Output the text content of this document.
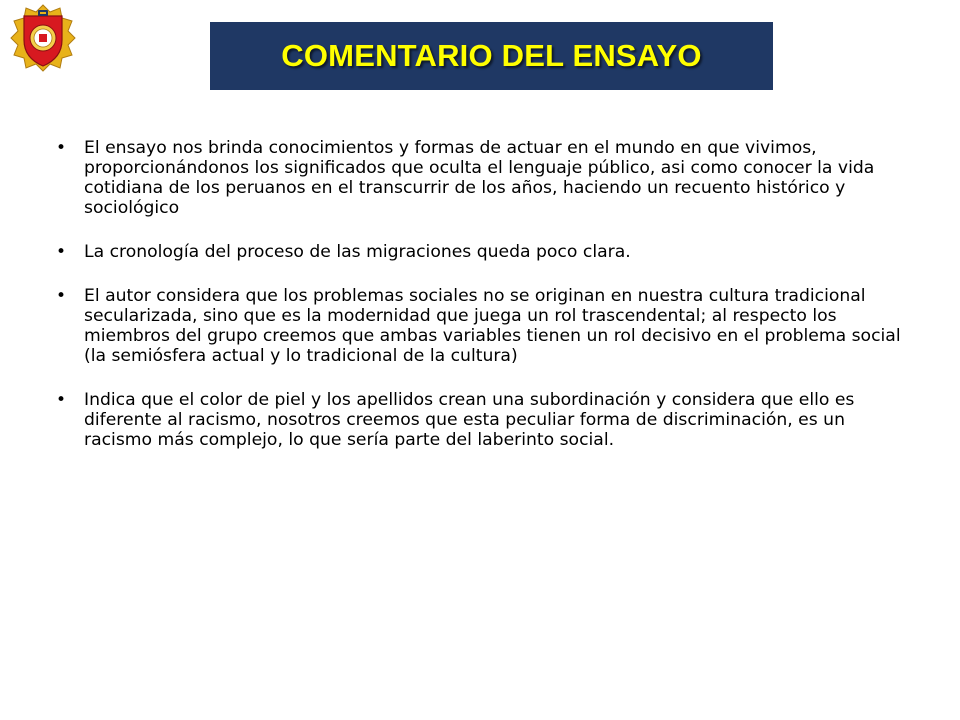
COMENTARIO DEL ENSAYO
• El ensayo nos brinda conocimientos y formas de actuar en el mundo en que vivimos, proporcionándonos los significados que oculta el lenguaje público, asi como conocer la vida cotidiana de los peruanos en el transcurrir de los años, haciendo un recuento histórico y sociológico
• La cronología del proceso de las migraciones queda poco clara.
• El autor considera que los problemas sociales no se originan en nuestra cultura tradicional secularizada, sino que es la modernidad que juega un rol trascendental; al respecto los miembros del grupo creemos que ambas variables tienen un rol decisivo en el problema social (la semiósfera actual y lo tradicional de la cultura)
• Indica que el color de piel y los apellidos crean una subordinación y considera que ello es diferente al racismo, nosotros creemos que esta peculiar forma de discriminación, es un racismo más complejo, lo que sería parte del laberinto social.
